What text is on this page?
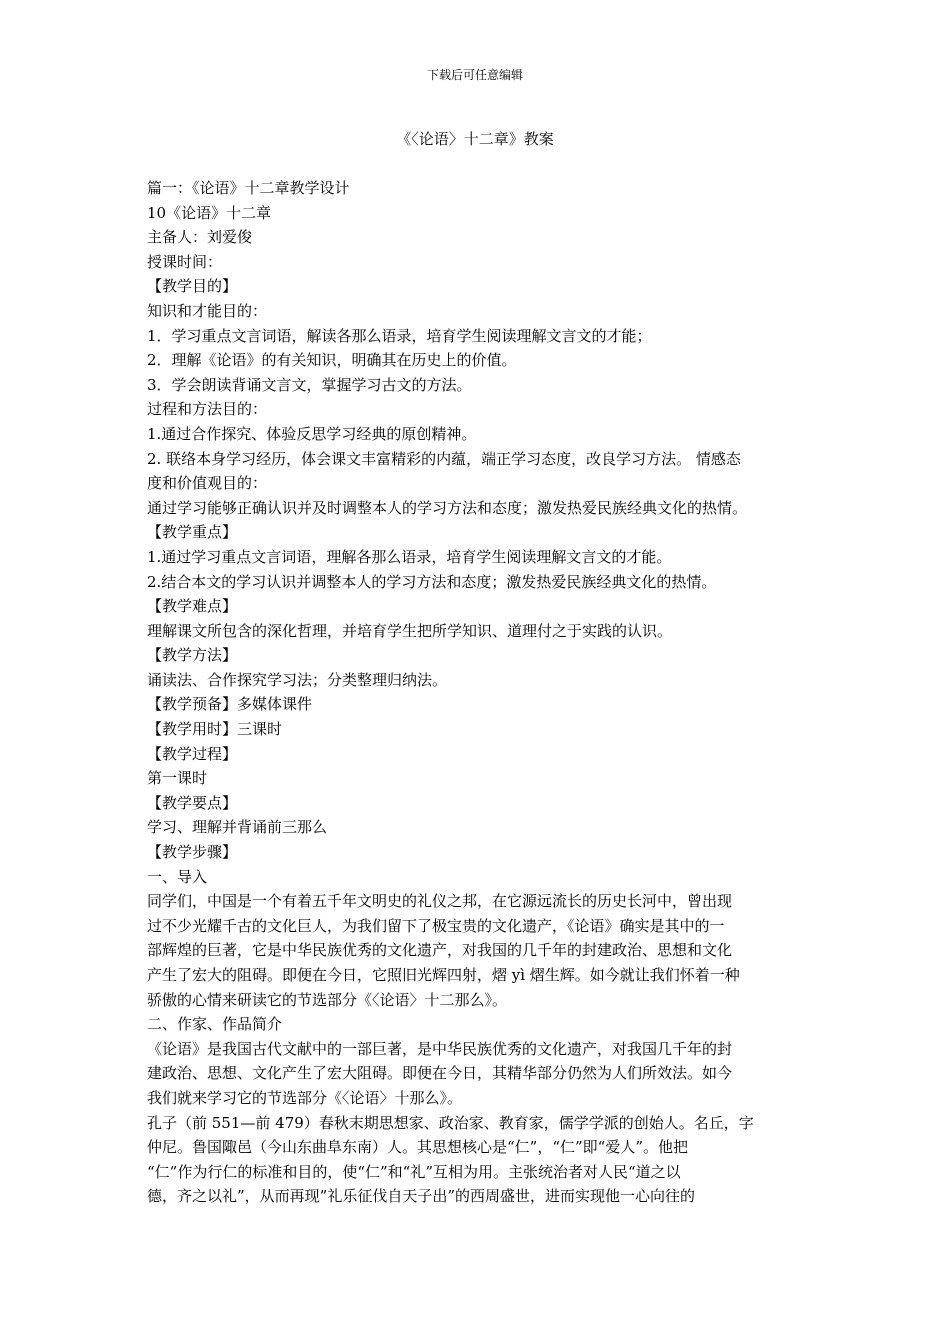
下载后可任意编辑
《〈论语〉十二章》教案
篇一：《论语》十二章教学设计
10《论语》十二章
主备人：刘爱俊
授课时间：
【教学目的】
知识和才能目的：
1．学习重点文言词语，解读各那么语录，培育学生阅读理解文言文的才能；
2．理解《论语》的有关知识，明确其在历史上的价值。
3．学会朗读背诵文言文，掌握学习古文的方法。
过程和方法目的：
1.通过合作探究、体验反思学习经典的原创精神。
2. 联络本身学习经历，体会课文丰富精彩的内蕴，端正学习态度，改良学习方法。 情感态
度和价值观目的：
通过学习能够正确认识并及时调整本人的学习方法和态度；激发热爱民族经典文化的热情。
【教学重点】
1.通过学习重点文言词语，理解各那么语录，培育学生阅读理解文言文的才能。
2.结合本文的学习认识并调整本人的学习方法和态度；激发热爱民族经典文化的热情。
【教学难点】
理解课文所包含的深化哲理，并培育学生把所学知识、道理付之于实践的认识。
【教学方法】
诵读法、合作探究学习法；分类整理归纳法。
【教学预备】多媒体课件
【教学用时】三课时
【教学过程】
第一课时
【教学要点】
学习、理解并背诵前三那么
【教学步骤】
一、导入
同学们，中国是一个有着五千年文明史的礼仪之邦，在它源远流长的历史长河中，曾出现
过不少光耀千古的文化巨人，为我们留下了极宝贵的文化遗产，《论语》确实是其中的一
部辉煌的巨著，它是中华民族优秀的文化遗产，对我国的几千年的封建政治、思想和文化
产生了宏大的阻碍。即便在今日，它照旧光辉四射，熠 yì 熠生辉。如今就让我们怀着一种
骄傲的心情来研读它的节选部分《〈论语〉十二那么》。
二、作家、作品简介
《论语》是我国古代文献中的一部巨著，是中华民族优秀的文化遗产，对我国几千年的封
建政治、思想、文化产生了宏大阻碍。即便在今日，其精华部分仍然为人们所效法。如今
我们就来学习它的节选部分《〈论语〉十那么》。
孔子（前 551—前 479）春秋末期思想家、政治家、教育家，儒学学派的创始人。名丘，字
仲尼。鲁国陬邑（今山东曲阜东南）人。其思想核心是“仁”，“仁”即“爱人”。他把
“仁”作为行仁的标准和目的，使“仁”和“礼”互相为用。主张统治者对人民“道之以
德，齐之以礼”，从而再现”礼乐征伐自天子出”的西周盛世，进而实现他一心向往的
